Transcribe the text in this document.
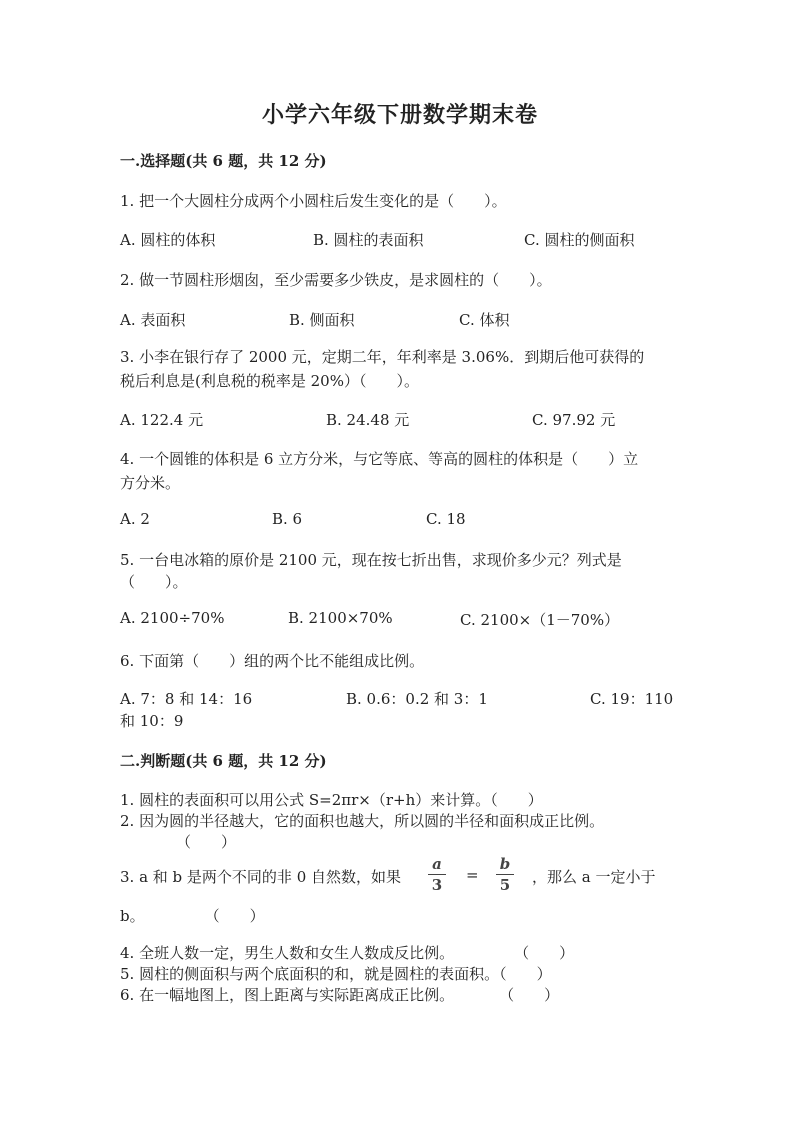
小学六年级下册数学期末卷
一.选择题(共 6 题，共 12 分)
1. 把一个大圆柱分成两个小圆柱后发生变化的是（　　）。
A. 圆柱的体积	B. 圆柱的表面积	C. 圆柱的侧面积
2. 做一节圆柱形烟囱，至少需要多少铁皮，是求圆柱的（　　）。
A. 表面积	B. 侧面积	C. 体积
3. 小李在银行存了 2000 元，定期二年，年利率是 3.06%．到期后他可获得的
税后利息是(利息税的税率是 20%）（　　）。
A. 122.4 元	B. 24.48 元	C. 97.92 元
4. 一个圆锥的体积是 6 立方分米，与它等底、等高的圆柱的体积是（　　）立
方分米。
A. 2	B. 6	C. 18
5. 一台电冰箱的原价是 2100 元，现在按七折出售，求现价多少元？列式是
（　　）。
A. 2100÷70%	B. 2100×70%	C. 2100×（1－70%）
6. 下面第（　　）组的两个比不能组成比例。
A. 7：8 和 14：16	B. 0.6：0.2 和 3：1	C. 19：110
和 10：9
二.判断题(共 6 题，共 12 分)
1. 圆柱的表面积可以用公式 S=2πr×（r+h）来计算。（　　）
2. 因为圆的半径越大，它的面积也越大，所以圆的半径和面积成正比例。
（　　）
3. a 和 b 是两个不同的非 0 自然数，如果
a
3
=
b
5	，那么 a 一定小于
b。　　　　　（　　）
4. 全班人数一定，男生人数和女生人数成反比例。　　　　　（　　）
5. 圆柱的侧面积与两个底面积的和，就是圆柱的表面积。（　　）
6. 在一幅地图上，图上距离与实际距离成正比例。　　　　（　　）
